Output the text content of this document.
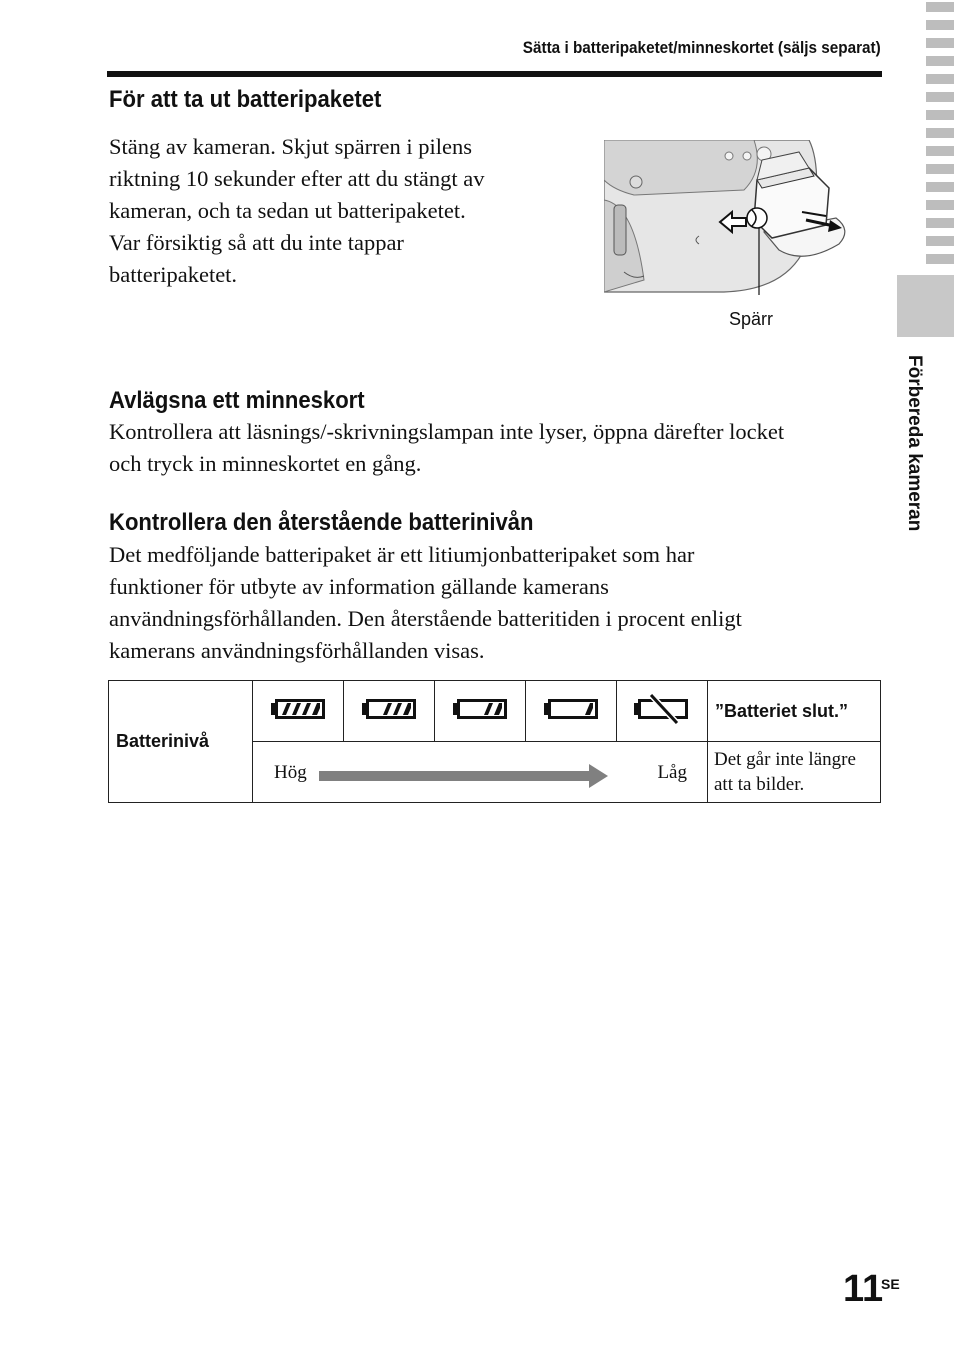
Sätta i batteripaketet/minneskortet (säljs separat)
Förbereda kameran
För att ta ut batteripaketet

Stäng av kameran. Skjut spärren i pilens
riktning 10 sekunder efter att du stängt av
kameran, och ta sedan ut batteripaketet.
Var försiktig så att du inte tappar
batteripaketet.

Spärr
Avlägsna ett minneskort

Kontrollera att läsnings/-skrivningslampan inte lyser, öppna därefter locket
och tryck in minneskortet en gång.

Kontrollera den återstående batterinivån

Det medföljande batteripaket är ett litiumjonbatteripaket som har
funktioner för utbyte av information gällande kamerans
användningsförhållanden. Den återstående batteritiden i procent enligt
kamerans användningsförhållanden visas.

Batterinivå						”Batteriet slut.”

	Hög Låg					Det går inte längre
att ta bilder.
11
SE
